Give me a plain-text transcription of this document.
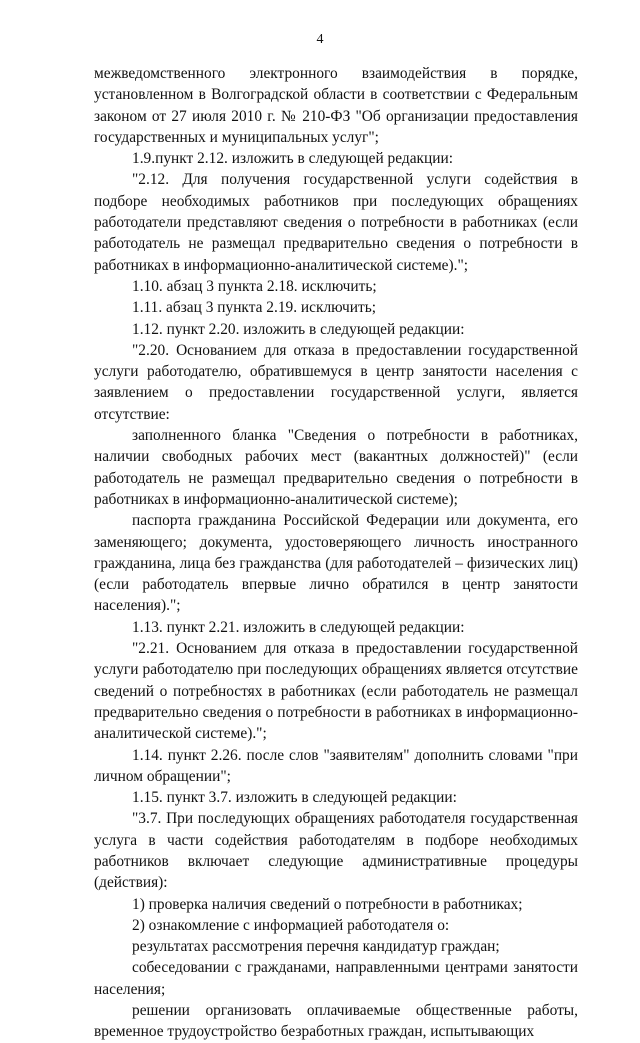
4

межведомственного электронного взаимодействия в порядке, установленном в Волгоградской области в соответствии с Федеральным законом от 27 июля 2010 г. № 210-ФЗ "Об организации предоставления государственных и муниципальных услуг";

1.9.пункт 2.12. изложить в следующей редакции:

"2.12. Для получения государственной услуги содействия в подборе необходимых работников при последующих обращениях работодатели представляют сведения о потребности в работниках (если работодатель не размещал предварительно сведения о потребности в работниках в информационно-аналитической системе).";

1.10. абзац 3 пункта 2.18. исключить;

1.11. абзац 3 пункта 2.19. исключить;

1.12. пункт 2.20. изложить в следующей редакции:

"2.20. Основанием для отказа в предоставлении государственной услуги работодателю, обратившемуся в центр занятости населения с заявлением о предоставлении государственной услуги, является отсутствие:

заполненного бланка "Сведения о потребности в работниках, наличии свободных рабочих мест (вакантных должностей)" (если работодатель не размещал предварительно сведения о потребности в работниках в информационно-аналитической системе);

паспорта гражданина Российской Федерации или документа, его заменяющего; документа, удостоверяющего личность иностранного гражданина, лица без гражданства (для работодателей – физических лиц) (если работодатель впервые лично обратился в центр занятости населения).";

1.13. пункт 2.21. изложить в следующей редакции:

"2.21. Основанием для отказа в предоставлении государственной услуги работодателю при последующих обращениях является отсутствие сведений о потребностях в работниках (если работодатель не размещал предварительно сведения о потребности в работниках в информационно-аналитической системе).";

1.14. пункт 2.26. после слов "заявителям" дополнить словами "при личном обращении";

1.15. пункт 3.7. изложить в следующей редакции:

"3.7. При последующих обращениях работодателя государственная услуга в части содействия работодателям в подборе необходимых работников включает следующие административные процедуры (действия):

1) проверка наличия сведений о потребности в работниках;

2) ознакомление с информацией работодателя о:

результатах рассмотрения перечня кандидатур граждан;

собеседовании с гражданами, направленными центрами занятости населения;

решении организовать оплачиваемые общественные работы, временное трудоустройство безработных граждан, испытывающих
